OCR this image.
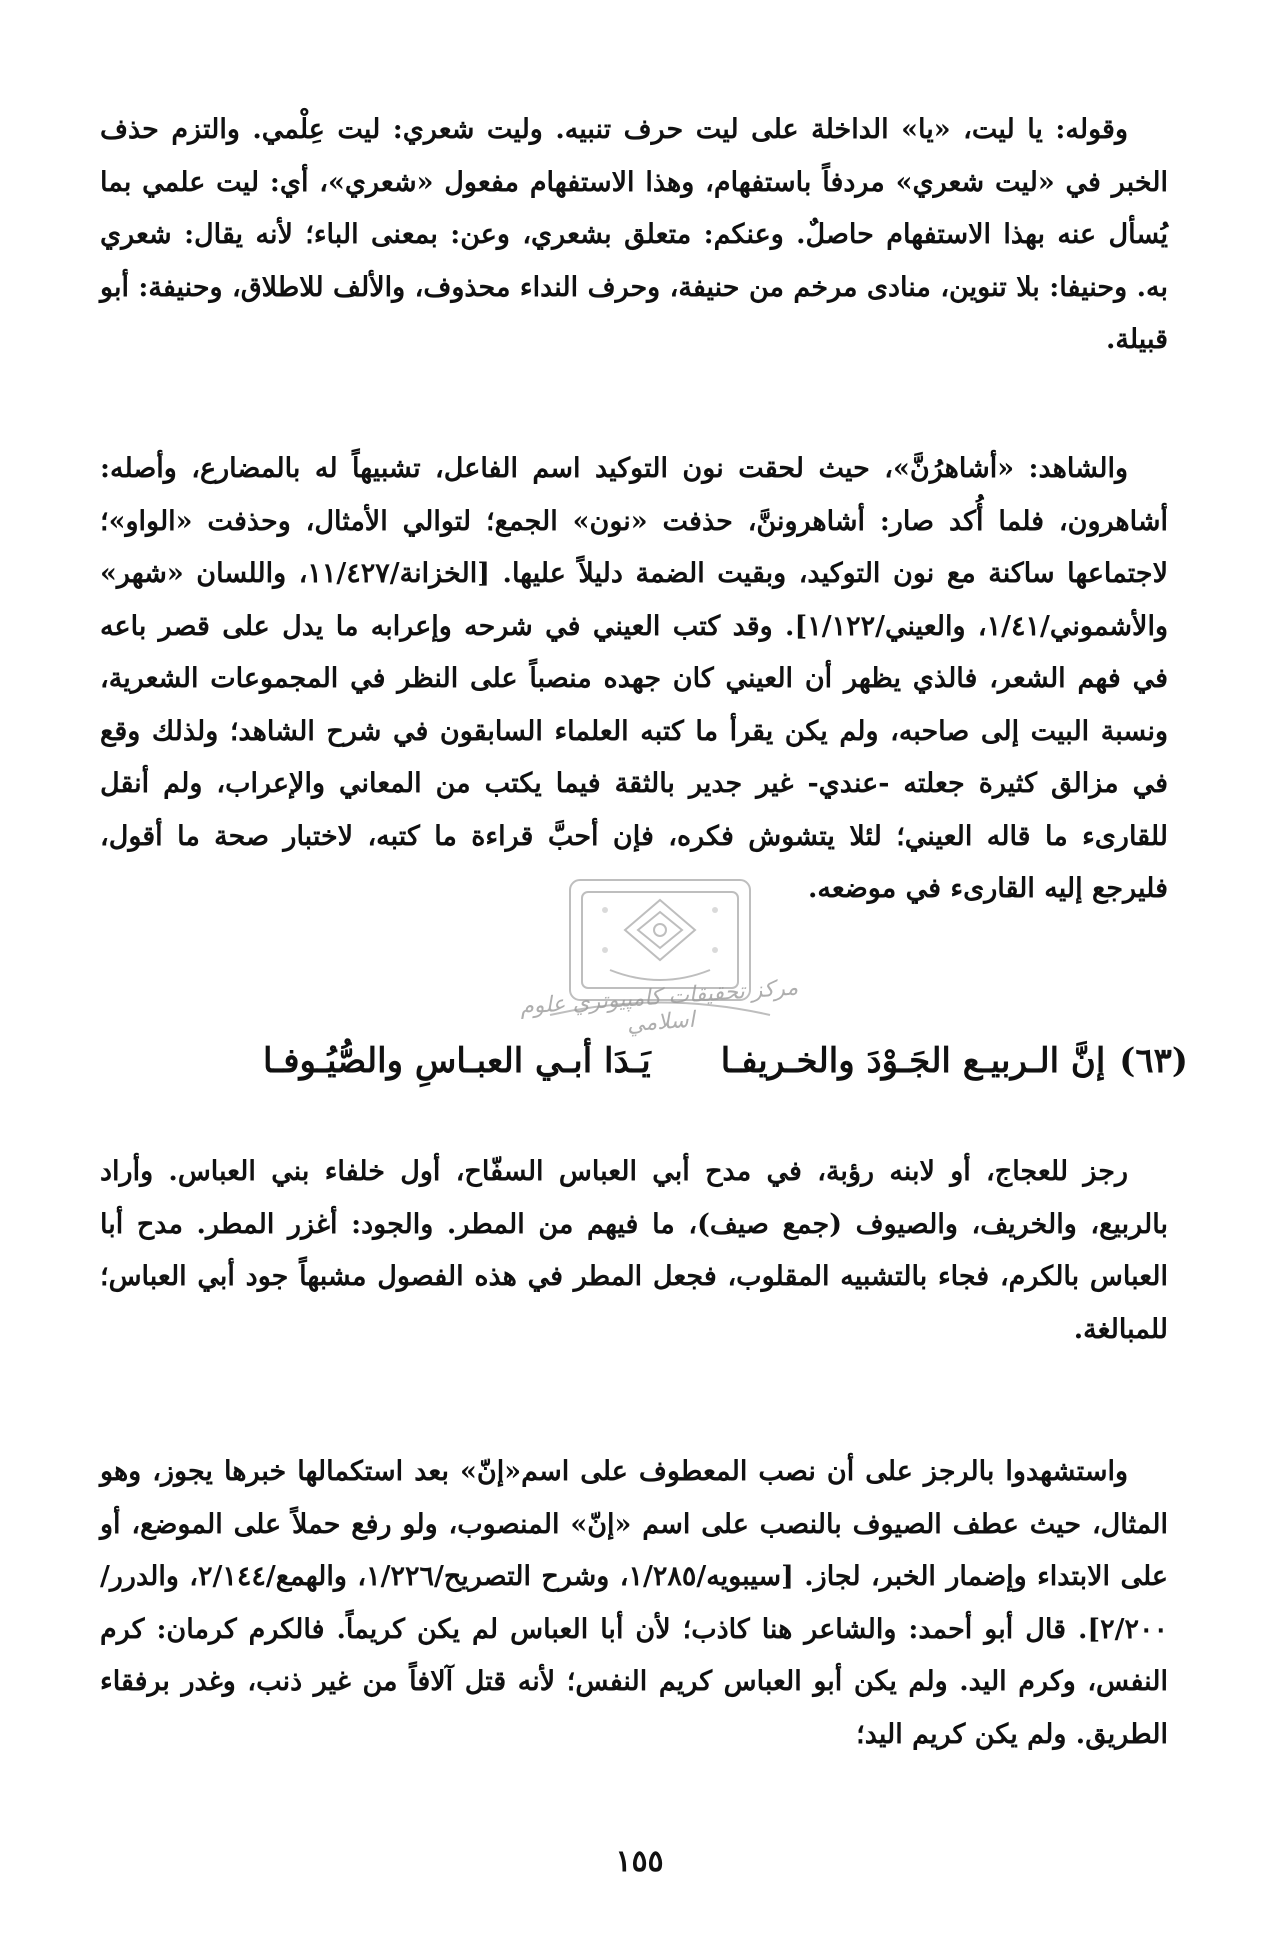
وقوله: يا ليت، «يا» الداخلة على ليت حرف تنبيه. وليت شعري: ليت عِلْمي. والتزم حذف الخبر في «ليت شعري» مردفاً باستفهام، وهذا الاستفهام مفعول «شعري»، أي: ليت علمي بما يُسأل عنه بهذا الاستفهام حاصلٌ. وعنكم: متعلق بشعري، وعن: بمعنى الباء؛ لأنه يقال: شعري به. وحنيفا: بلا تنوين، منادى مرخم من حنيفة، وحرف النداء محذوف، والألف للاطلاق، وحنيفة: أبو قبيلة.

والشاهد: «أشاهرُنَّ»، حيث لحقت نون التوكيد اسم الفاعل، تشبيهاً له بالمضارع، وأصله: أشاهرون، فلما أُكد صار: أشاهروننَّ، حذفت «نون» الجمع؛ لتوالي الأمثال، وحذفت «الواو»؛ لاجتماعها ساكنة مع نون التوكيد، وبقيت الضمة دليلاً عليها. [الخزانة/١١/٤٢٧، واللسان «شهر» والأشموني/١/٤١، والعيني/١/١٢٢]. وقد كتب العيني في شرحه وإعرابه ما يدل على قصر باعه في فهم الشعر، فالذي يظهر أن العيني كان جهده منصباً على النظر في المجموعات الشعرية، ونسبة البيت إلى صاحبه، ولم يكن يقرأ ما كتبه العلماء السابقون في شرح الشاهد؛ ولذلك وقع في مزالق كثيرة جعلته -عندي- غير جدير بالثقة فيما يكتب من المعاني والإعراب، ولم أنقل للقارىء ما قاله العيني؛ لئلا يتشوش فكره، فإن أحبَّ قراءة ما كتبه، لاختبار صحة ما أقول، فليرجع إليه القارىء في موضعه.

(٦٣)
إنَّ الـربيـع الجَـوْدَ والخـريفـا
يَـدَا أبـي العبـاسِ والصُّيُـوفـا

رجز للعجاج، أو لابنه رؤبة، في مدح أبي العباس السفّاح، أول خلفاء بني العباس. وأراد بالربيع، والخريف، والصيوف (جمع صيف)، ما فيهم من المطر. والجود: أغزر المطر. مدح أبا العباس بالكرم، فجاء بالتشبيه المقلوب، فجعل المطر في هذه الفصول مشبهاً جود أبي العباس؛ للمبالغة.

واستشهدوا بالرجز على أن نصب المعطوف على اسم«إنّ» بعد استكمالها خبرها يجوز، وهو المثال، حيث عطف الصيوف بالنصب على اسم «إنّ» المنصوب، ولو رفع حملاً على الموضع، أو على الابتداء وإضمار الخبر، لجاز. [سيبويه/١/٢٨٥، وشرح التصريح/١/٢٢٦، والهمع/٢/١٤٤، والدرر/٢/٢٠٠]. قال أبو أحمد: والشاعر هنا كاذب؛ لأن أبا العباس لم يكن كريماً. فالكرم كرمان: كرم النفس، وكرم اليد. ولم يكن أبو العباس كريم النفس؛ لأنه قتل آلافاً من غير ذنب، وغدر برفقاء الطريق. ولم يكن كريم اليد؛

مركز تحقيقات كامپيوتري علوم اسلامي
١٥٥
